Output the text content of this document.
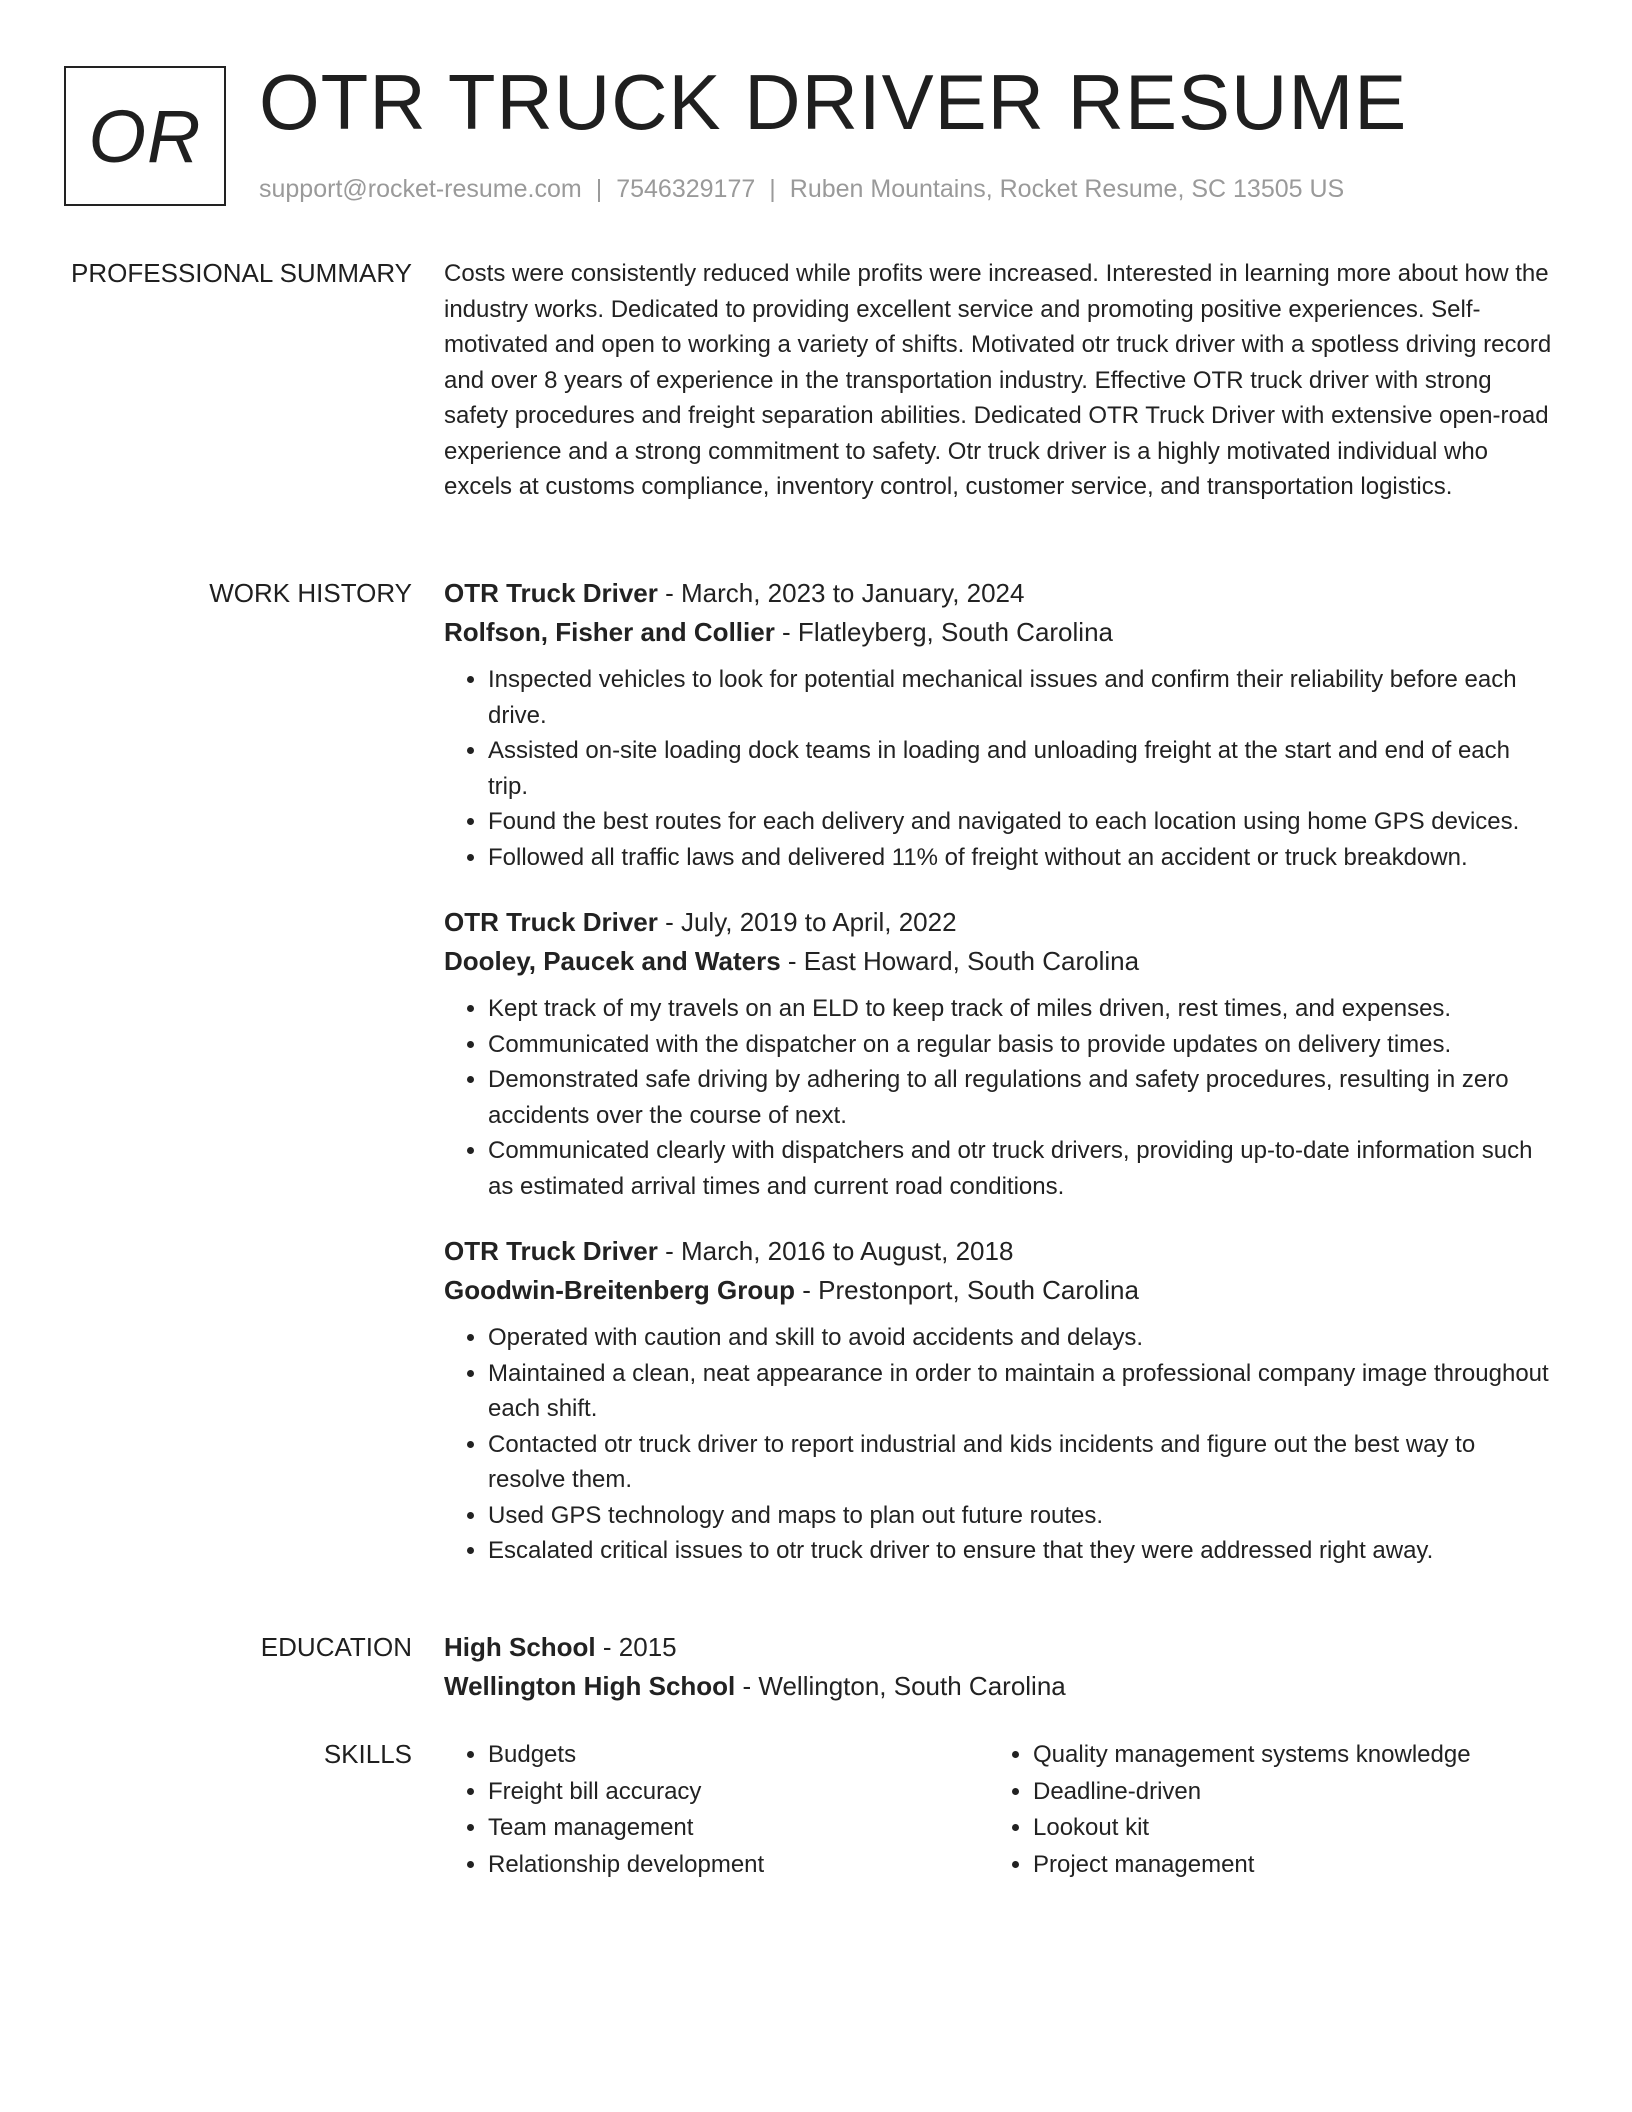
OR OTR TRUCK DRIVER RESUME
support@rocket-resume.com | 7546329177 | Ruben Mountains, Rocket Resume, SC 13505 US
PROFESSIONAL SUMMARY Costs were consistently reduced while profits were increased. Interested in learning more about how the industry works. Dedicated to providing excellent service and promoting positive experiences. Self-motivated and open to working a variety of shifts. Motivated otr truck driver with a spotless driving record and over 8 years of experience in the transportation industry. Effective OTR truck driver with strong safety procedures and freight separation abilities. Dedicated OTR Truck Driver with extensive open-road experience and a strong commitment to safety. Otr truck driver is a highly motivated individual who excels at customs compliance, inventory control, customer service, and transportation logistics.

WORK HISTORY OTR Truck Driver - March, 2023 to January, 2024
Rolfson, Fisher and Collier - Flatleyberg, South Carolina
• Inspected vehicles to look for potential mechanical issues and confirm their reliability before each drive.
• Assisted on-site loading dock teams in loading and unloading freight at the start and end of each trip.
• Found the best routes for each delivery and navigated to each location using home GPS devices.
• Followed all traffic laws and delivered 11% of freight without an accident or truck breakdown.
OTR Truck Driver - July, 2019 to April, 2022
Dooley, Paucek and Waters - East Howard, South Carolina
• Kept track of my travels on an ELD to keep track of miles driven, rest times, and expenses.
• Communicated with the dispatcher on a regular basis to provide updates on delivery times.
• Demonstrated safe driving by adhering to all regulations and safety procedures, resulting in zero accidents over the course of next.
• Communicated clearly with dispatchers and otr truck drivers, providing up-to-date information such as estimated arrival times and current road conditions.
OTR Truck Driver - March, 2016 to August, 2018
Goodwin-Breitenberg Group - Prestonport, South Carolina
• Operated with caution and skill to avoid accidents and delays.
• Maintained a clean, neat appearance in order to maintain a professional company image throughout each shift.
• Contacted otr truck driver to report industrial and kids incidents and figure out the best way to resolve them.
• Used GPS technology and maps to plan out future routes.
• Escalated critical issues to otr truck driver to ensure that they were addressed right away.
EDUCATION High School - 2015
Wellington High School - Wellington, South Carolina
SKILLS
•	Budgets
• Freight bill accuracy
• Team management
• Relationship development
• Quality management systems knowledge
• Deadline-driven
• Lookout kit
• Project management
